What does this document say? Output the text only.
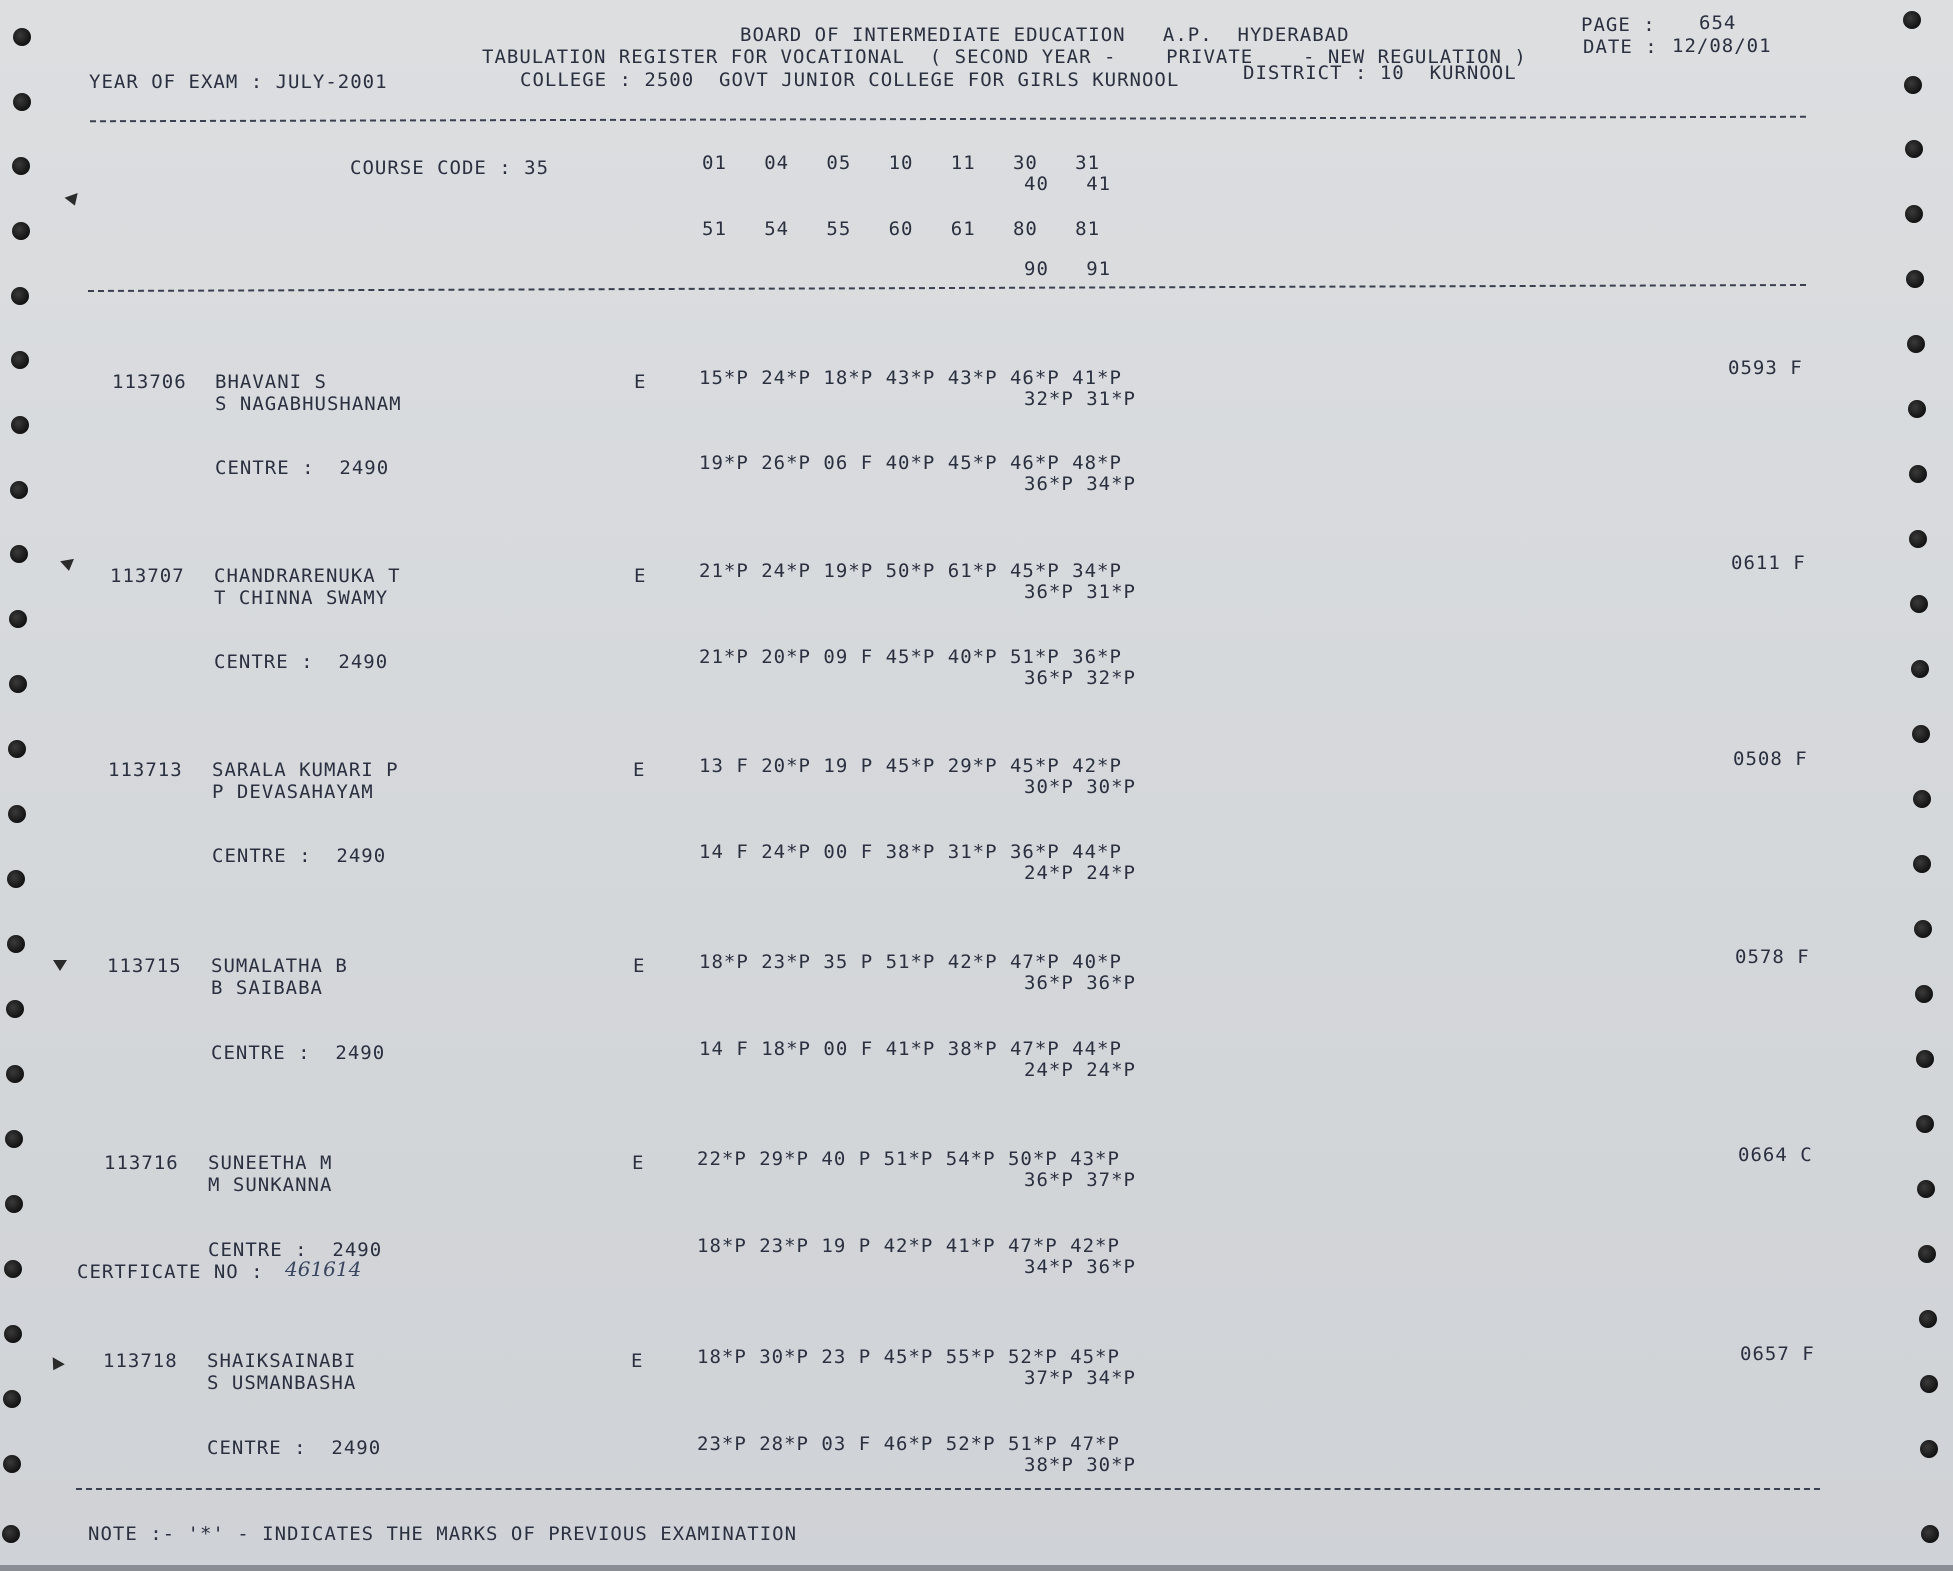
BOARD OF INTERMEDIATE EDUCATION   A.P.  HYDERABAD	PAGE : 654
TABULATION REGISTER FOR VOCATIONAL  ( SECOND YEAR -    PRIVATE    - NEW REGULATION )	DATE : 12/08/01
YEAR OF EXAM : JULY-2001	COLLEGE : 2500  GOVT JUNIOR COLLEGE FOR GIRLS KURNOOL	DISTRICT : 10  KURNOOL
COURSE CODE : 35	01   04   05   10   11   30   31
40   41
51   54   55   60   61   80   81
90   91
113706 BHAVANI S
S NAGABHUSHANAM
E	15*P 24*P 18*P 43*P 43*P 46*P 41*P
32*P 31*P
CENTRE :  2490	19*P 26*P 06 F 40*P 45*P 46*P 48*P
36*P 34*P
0593 F
113707 CHANDRARENUKA T
T CHINNA SWAMY
E	21*P 24*P 19*P 50*P 61*P 45*P 34*P
36*P 31*P
CENTRE :  2490	21*P 20*P 09 F 45*P 40*P 51*P 36*P
36*P 32*P
0611 F
113713 SARALA KUMARI P
P DEVASAHAYAM
E	13 F 20*P 19 P 45*P 29*P 45*P 42*P
30*P 30*P
CENTRE :  2490	14 F 24*P 00 F 38*P 31*P 36*P 44*P
24*P 24*P
0508 F
113715 SUMALATHA B
B SAIBABA
E	18*P 23*P 35 P 51*P 42*P 47*P 40*P
36*P 36*P
CENTRE :  2490	14 F 18*P 00 F 41*P 38*P 47*P 44*P
24*P 24*P
0578 F
113716 SUNEETHA M
M SUNKANNA
E	22*P 29*P 40 P 51*P 54*P 50*P 43*P
36*P 37*P
CENTRE :  2490	18*P 23*P 19 P 42*P 41*P 47*P 42*P
34*P 36*P
0664 C
CERTFICATE NO : 461614
113718 SHAIKSAINABI
S USMANBASHA
E	18*P 30*P 23 P 45*P 55*P 52*P 45*P
37*P 34*P
CENTRE :  2490	23*P 28*P 03 F 46*P 52*P 51*P 47*P
38*P 30*P
0657 F
NOTE :- '*' - INDICATES THE MARKS OF PREVIOUS EXAMINATION
